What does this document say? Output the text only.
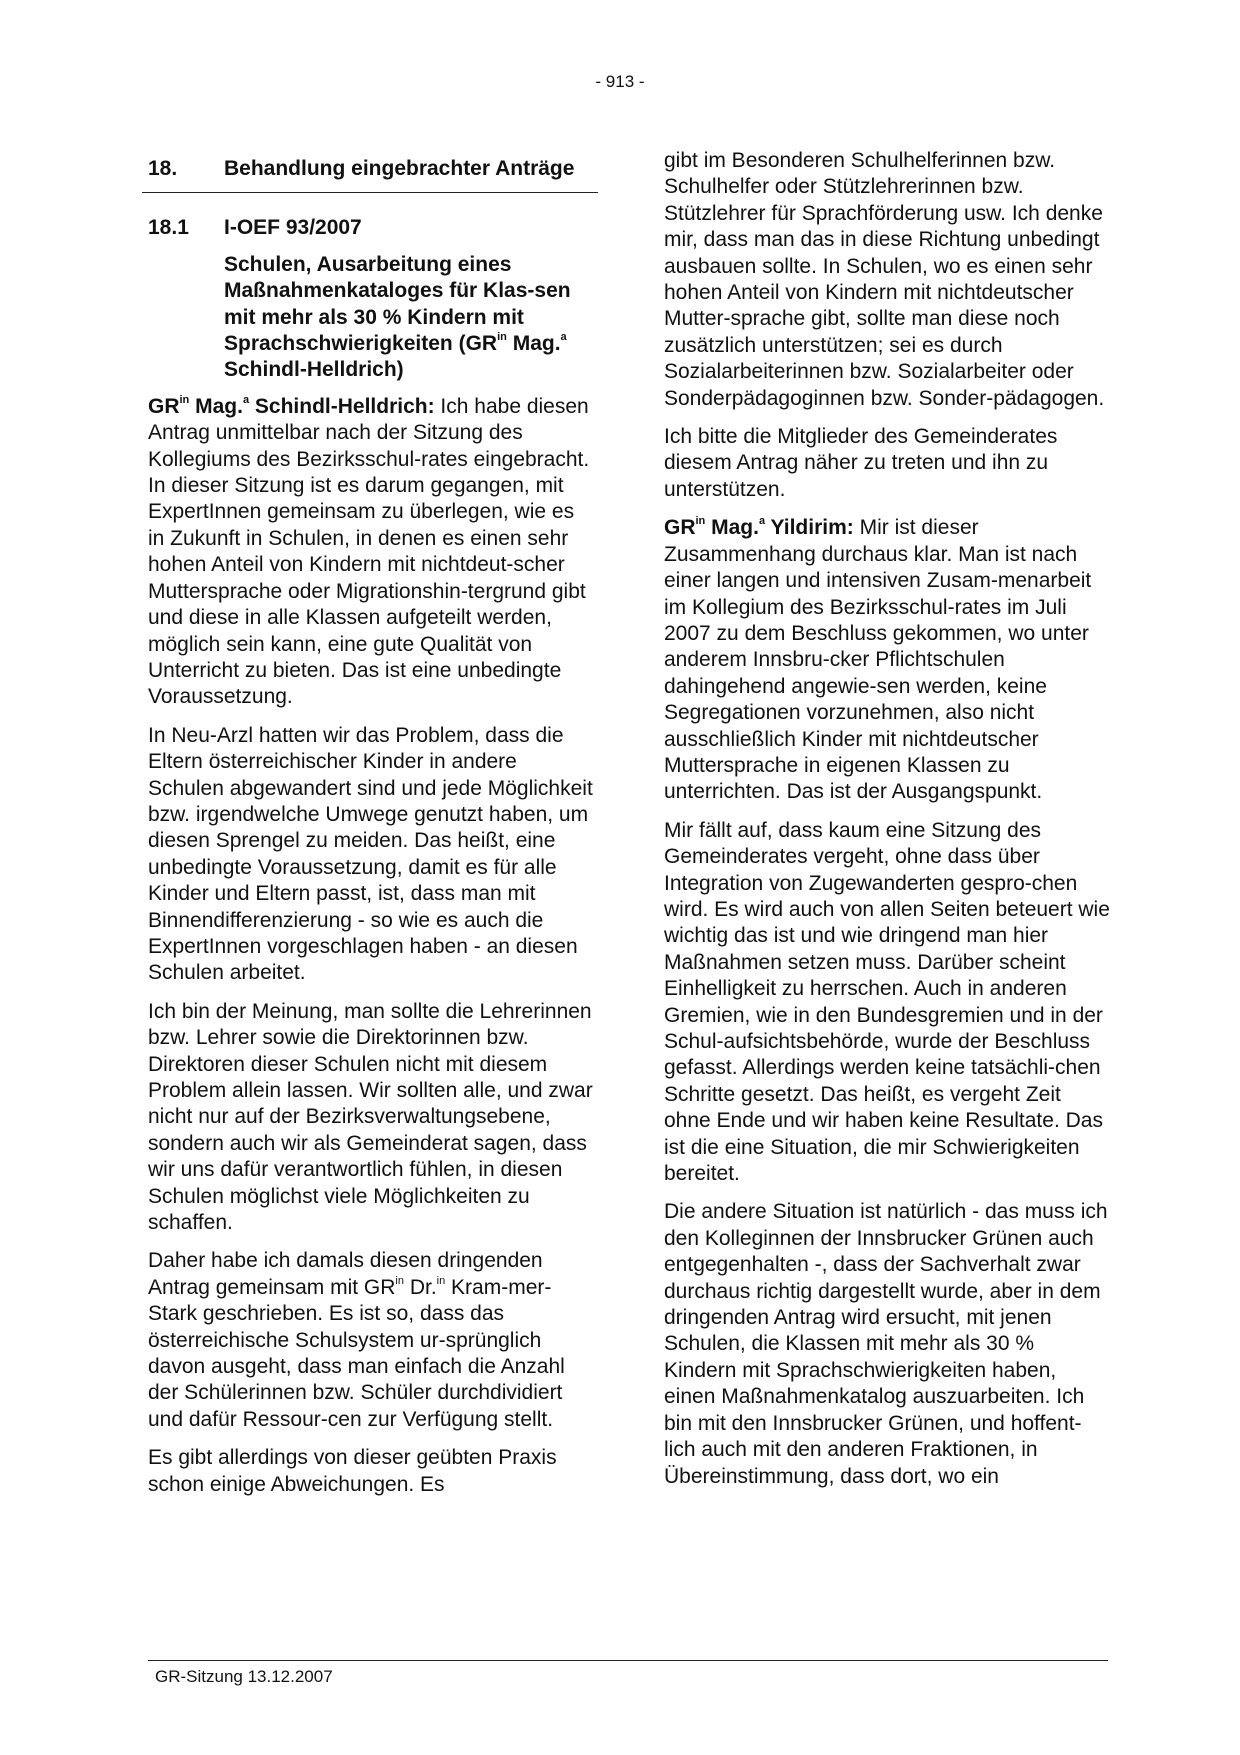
- 913 -
18.	Behandlung eingebrachter Anträge
18.1	I-OEF 93/2007
Schulen, Ausarbeitung eines Maßnahmenkataloges für Klas-sen mit mehr als 30 % Kindern mit Sprachschwierigkeiten ($GR^{in}$ Mag.$^a$ Schindl-Helldrich)

$GR^{in}$ Mag.$^a$ Schindl-Helldrich: Ich habe diesen Antrag unmittelbar nach der Sitzung des Kollegiums des Bezirksschul-rates eingebracht. In dieser Sitzung ist es darum gegangen, mit ExpertInnen gemeinsam zu überlegen, wie es in Zukunft in Schulen, in denen es einen sehr hohen Anteil von Kindern mit nichtdeut-scher Muttersprache oder Migrationshin-tergrund gibt und diese in alle Klassen aufgeteilt werden, möglich sein kann, eine gute Qualität von Unterricht zu bieten. Das ist eine unbedingte Voraussetzung.

In Neu-Arzl hatten wir das Problem, dass die Eltern österreichischer Kinder in andere Schulen abgewandert sind und jede Möglichkeit bzw. irgendwelche Umwege genutzt haben, um diesen Sprengel zu meiden. Das heißt, eine unbedingte Voraussetzung, damit es für alle Kinder und Eltern passt, ist, dass man mit Binnendifferenzierung - so wie es auch die ExpertInnen vorgeschlagen haben - an diesen Schulen arbeitet.

Ich bin der Meinung, man sollte die Lehrerinnen bzw. Lehrer sowie die Direktorinnen bzw. Direktoren dieser Schulen nicht mit diesem Problem allein lassen. Wir sollten alle, und zwar nicht nur auf der Bezirksverwaltungsebene, sondern auch wir als Gemeinderat sagen, dass wir uns dafür verantwortlich fühlen, in diesen Schulen möglichst viele Möglichkeiten zu schaffen.

Daher habe ich damals diesen dringenden Antrag gemeinsam mit $GR^{in}$ Dr.$^{in}$ Kram-mer-Stark geschrieben. Es ist so, dass das österreichische Schulsystem ur-sprünglich davon ausgeht, dass man einfach die Anzahl der Schülerinnen bzw. Schüler durchdividiert und dafür Ressour-cen zur Verfügung stellt.

Es gibt allerdings von dieser geübten Praxis schon einige Abweichungen. Es

gibt im Besonderen Schulhelferinnen bzw. Schulhelfer oder Stützlehrerinnen bzw. Stützlehrer für Sprachförderung usw. Ich denke mir, dass man das in diese Richtung unbedingt ausbauen sollte. In Schulen, wo es einen sehr hohen Anteil von Kindern mit nichtdeutscher Mutter-sprache gibt, sollte man diese noch zusätzlich unterstützen; sei es durch Sozialarbeiterinnen bzw. Sozialarbeiter oder Sonderpädagoginnen bzw. Sonder-pädagogen.

Ich bitte die Mitglieder des Gemeinderates diesem Antrag näher zu treten und ihn zu unterstützen.

$GR^{in}$ Mag.$^a$ Yildirim: Mir ist dieser Zusammenhang durchaus klar. Man ist nach einer langen und intensiven Zusam-menarbeit im Kollegium des Bezirksschul-rates im Juli 2007 zu dem Beschluss gekommen, wo unter anderem Innsbru-cker Pflichtschulen dahingehend angewie-sen werden, keine Segregationen vorzunehmen, also nicht ausschließlich Kinder mit nichtdeutscher Muttersprache in eigenen Klassen zu unterrichten. Das ist der Ausgangspunkt.

Mir fällt auf, dass kaum eine Sitzung des Gemeinderates vergeht, ohne dass über Integration von Zugewanderten gespro-chen wird. Es wird auch von allen Seiten beteuert wie wichtig das ist und wie dringend man hier Maßnahmen setzen muss. Darüber scheint Einhelligkeit zu herrschen. Auch in anderen Gremien, wie in den Bundesgremien und in der Schul-aufsichtsbehörde, wurde der Beschluss gefasst. Allerdings werden keine tatsächli-chen Schritte gesetzt. Das heißt, es vergeht Zeit ohne Ende und wir haben keine Resultate. Das ist die eine Situation, die mir Schwierigkeiten bereitet.

Die andere Situation ist natürlich - das muss ich den Kolleginnen der Innsbrucker Grünen auch entgegenhalten -, dass der Sachverhalt zwar durchaus richtig dargestellt wurde, aber in dem dringenden Antrag wird ersucht, mit jenen Schulen, die Klassen mit mehr als 30 % Kindern mit Sprachschwierigkeiten haben, einen Maßnahmenkatalog auszuarbeiten. Ich bin mit den Innsbrucker Grünen, und hoffent-lich auch mit den anderen Fraktionen, in Übereinstimmung, dass dort, wo ein

GR-Sitzung 13.12.2007
